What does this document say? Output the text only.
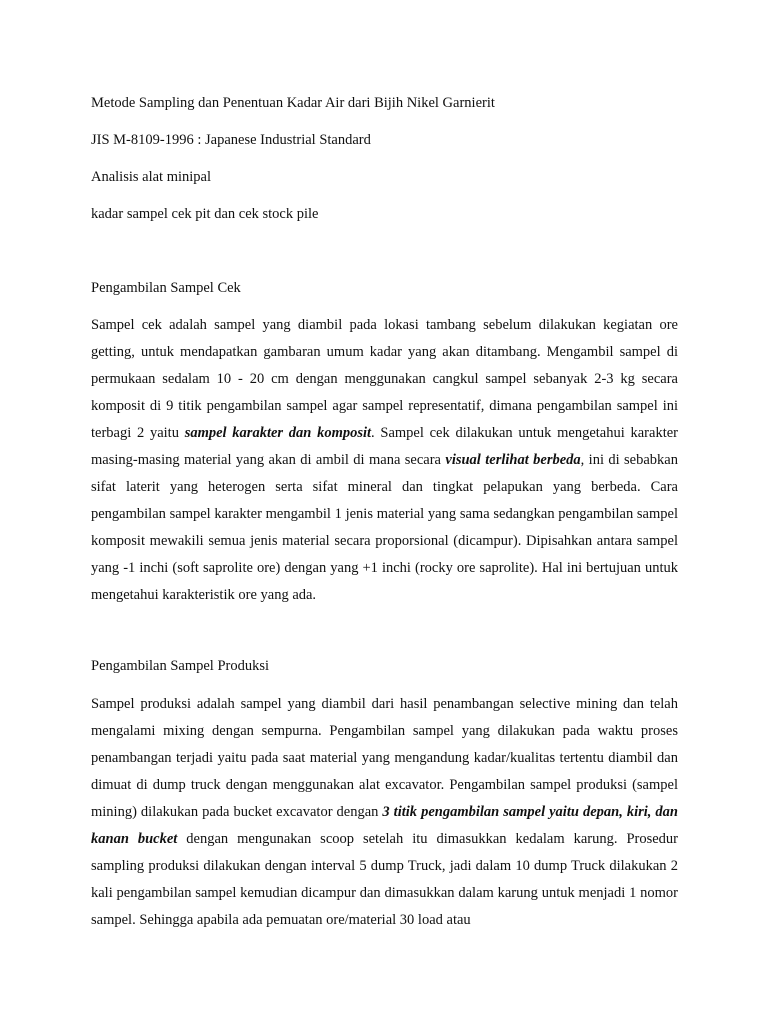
Metode Sampling dan Penentuan Kadar Air dari Bijih Nikel Garnierit
JIS M-8109-1996 : Japanese Industrial Standard
Analisis alat minipal
kadar sampel cek pit dan cek stock pile
Pengambilan Sampel Cek
Sampel cek adalah sampel yang diambil pada lokasi tambang sebelum dilakukan kegiatan ore getting, untuk mendapatkan gambaran umum kadar yang akan ditambang. Mengambil sampel di permukaan sedalam 10 - 20 cm dengan menggunakan cangkul sampel sebanyak 2-3 kg secara komposit di 9 titik pengambilan sampel agar sampel representatif, dimana pengambilan sampel ini terbagi 2 yaitu sampel karakter dan komposit. Sampel cek dilakukan untuk mengetahui karakter masing-masing material yang akan di ambil di mana secara visual terlihat berbeda, ini di sebabkan sifat laterit yang heterogen serta sifat mineral dan tingkat pelapukan yang berbeda. Cara pengambilan sampel karakter mengambil 1 jenis material yang sama sedangkan pengambilan sampel komposit mewakili semua jenis material secara proporsional (dicampur). Dipisahkan antara sampel yang -1 inchi (soft saprolite ore) dengan yang +1 inchi (rocky ore saprolite). Hal ini bertujuan untuk mengetahui karakteristik ore yang ada.
Pengambilan Sampel Produksi
Sampel produksi adalah sampel yang diambil dari hasil penambangan selective mining dan telah mengalami mixing dengan sempurna. Pengambilan sampel yang dilakukan pada waktu proses penambangan terjadi yaitu pada saat material yang mengandung kadar/kualitas tertentu diambil dan dimuat di dump truck dengan menggunakan alat excavator. Pengambilan sampel produksi (sampel mining) dilakukan pada bucket excavator dengan 3 titik pengambilan sampel yaitu depan, kiri, dan kanan bucket dengan mengunakan scoop setelah itu dimasukkan kedalam karung. Prosedur sampling produksi dilakukan dengan interval 5 dump Truck, jadi dalam 10 dump Truck dilakukan 2 kali pengambilan sampel kemudian dicampur dan dimasukkan dalam karung untuk menjadi 1 nomor sampel. Sehingga apabila ada pemuatan ore/material 30 load atau
